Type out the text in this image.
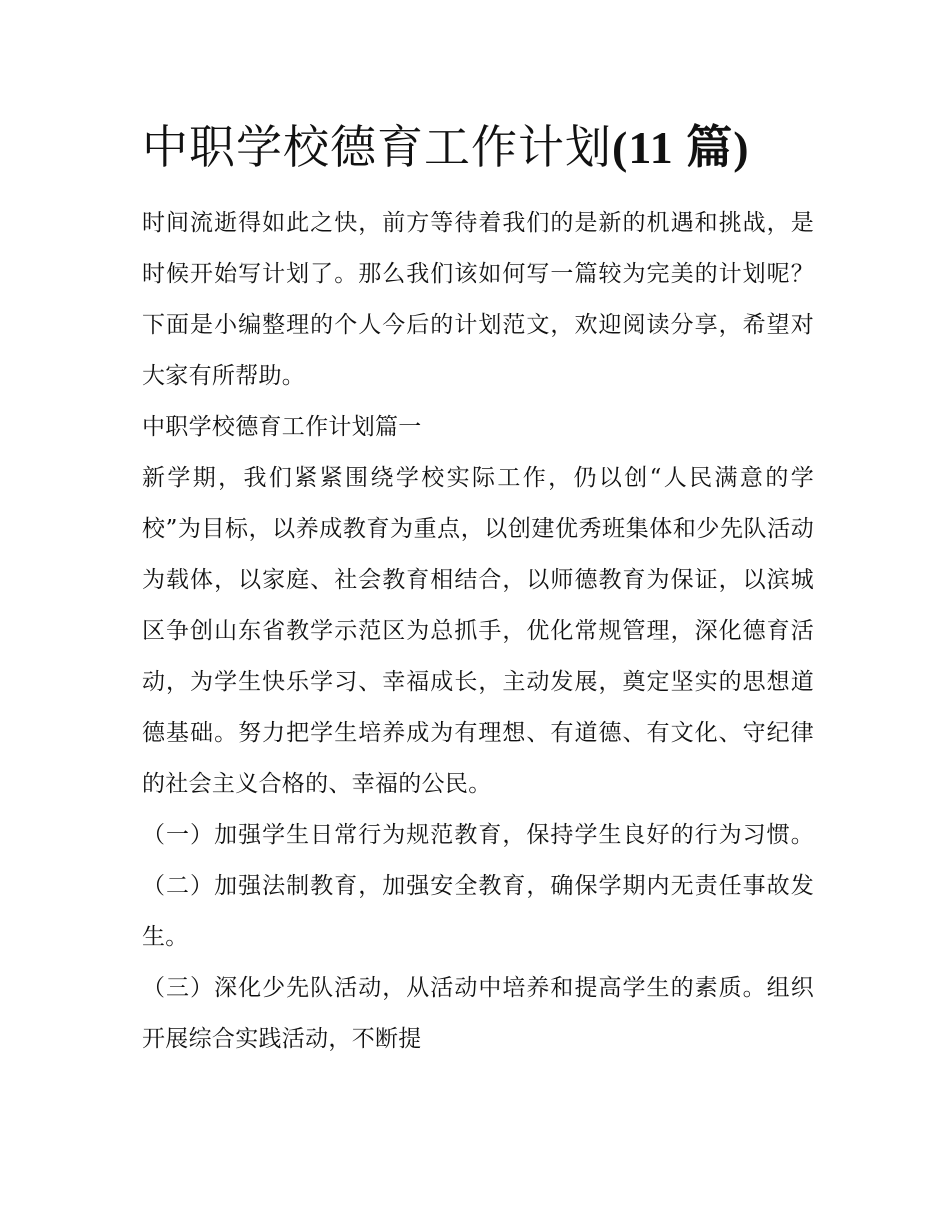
中职学校德育工作计划(11 篇)

时间流逝得如此之快，前方等待着我们的是新的机遇和挑战，是时候开始写计划了。那么我们该如何写一篇较为完美的计划呢？下面是小编整理的个人今后的计划范文，欢迎阅读分享，希望对大家有所帮助。

中职学校德育工作计划篇一

新学期，我们紧紧围绕学校实际工作，仍以创“人民满意的学校”为目标，以养成教育为重点，以创建优秀班集体和少先队活动为载体，以家庭、社会教育相结合，以师德教育为保证，以滨城区争创山东省教学示范区为总抓手，优化常规管理，深化德育活动，为学生快乐学习、幸福成长，主动发展，奠定坚实的思想道德基础。努力把学生培养成为有理想、有道德、有文化、守纪律的社会主义合格的、幸福的公民。

（一）加强学生日常行为规范教育，保持学生良好的行为习惯。 （二）加强法制教育，加强安全教育，确保学期内无责任事故发生。

（三）深化少先队活动，从活动中培养和提高学生的素质。组织开展综合实践活动，不断提
